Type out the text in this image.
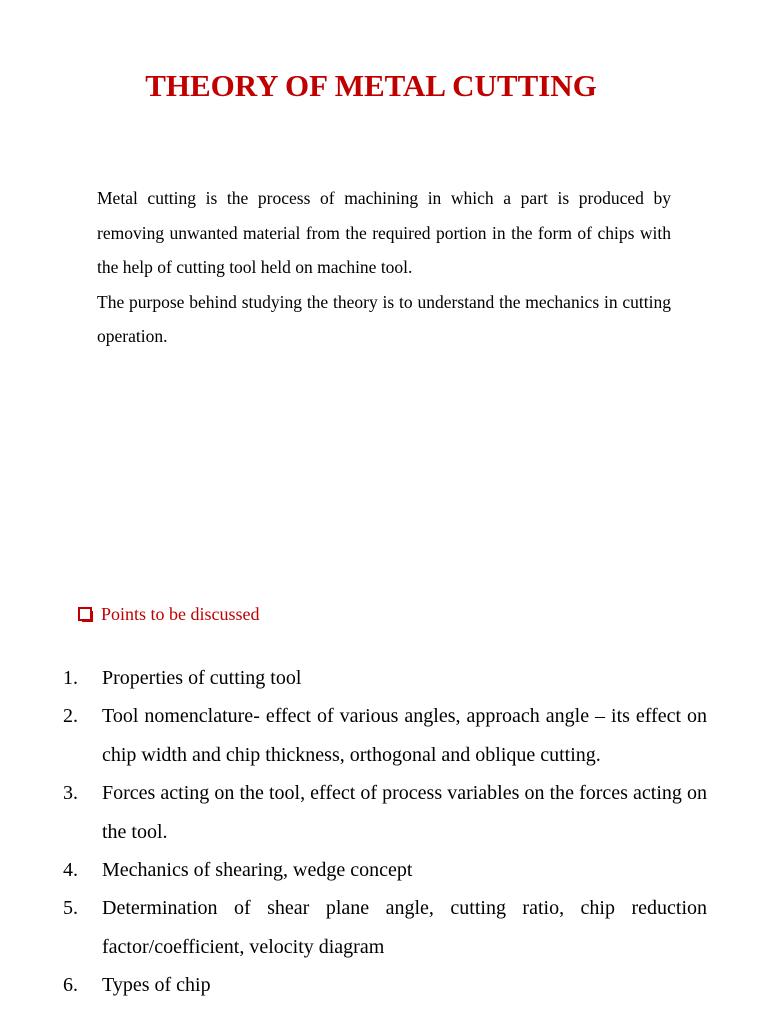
THEORY OF METAL CUTTING

Metal cutting is the process of machining in which a part is produced by removing unwanted material from the required portion in the form of chips with the help of cutting tool held on machine tool.

The purpose behind studying the theory is to understand the mechanics in cutting operation.

Points to be discussed
1. Properties of cutting tool
2. Tool nomenclature- effect of various angles, approach angle – its effect on chip width and chip thickness, orthogonal and oblique cutting.
3. Forces acting on the tool, effect of process variables on the forces acting on the tool.
4. Mechanics of shearing, wedge concept
5. Determination of shear plane angle, cutting ratio, chip reduction factor/coefficient, velocity diagram
6. Types of chip
